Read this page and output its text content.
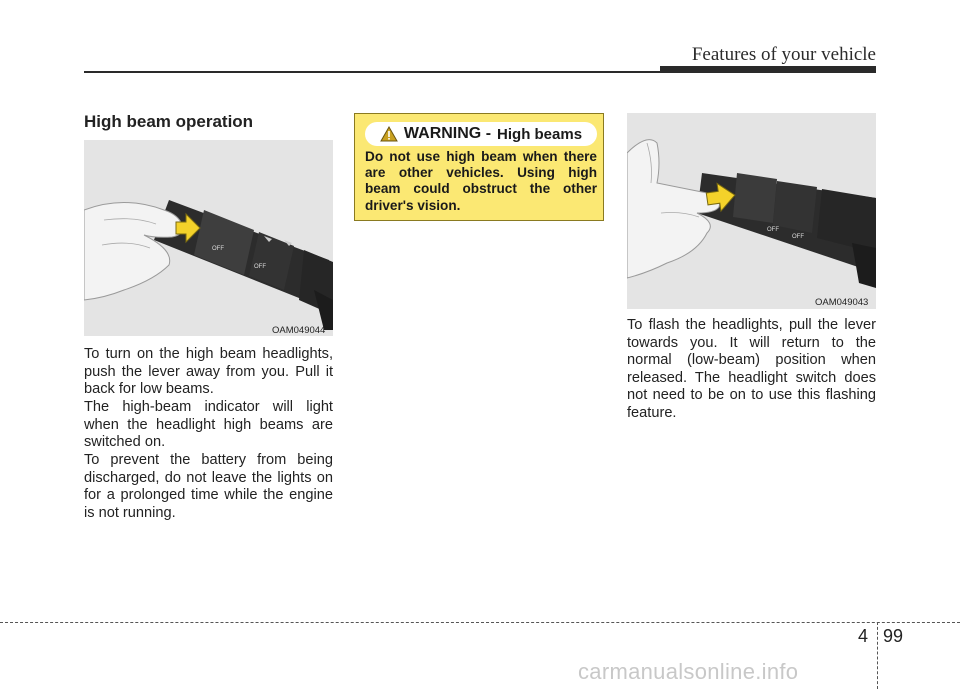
Features of your vehicle
High beam operation
OFF
OFF
OAM049044
To turn on the high beam headlights, push the lever away from you. Pull it back for low beams.
The high-beam indicator will light when the headlight high beams are switched on.
To prevent the battery from being discharged, do not leave the lights on for a prolonged time while the engine is not running.
WARNING - High beams
Do not use high beam when there are other vehicles. Using high beam could obstruct the other driver's vision.
OFF
OFF
OAM049043
To flash the headlights, pull the lever towards you. It will return to the normal (low-beam) position when released. The headlight switch does not need to be on to use this flashing feature.
4 99
carmanualsonline.info
